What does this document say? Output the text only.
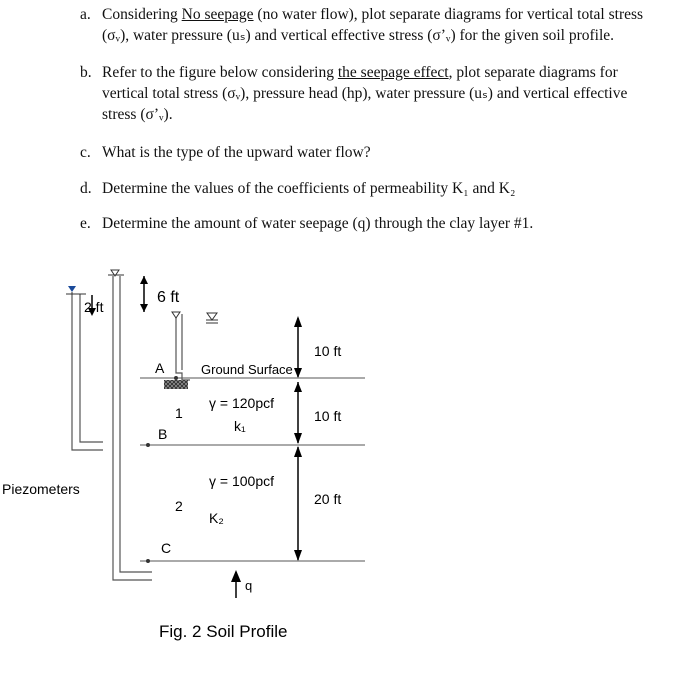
a. Considering No seepage (no water flow), plot separate diagrams for vertical total stress
(σᵥ), water pressure (uₛ) and vertical effective stress (σ’ᵥ) for the given soil profile.
b. Refer to the figure below considering the seepage effect, plot separate diagrams for
vertical total stress (σᵥ), pressure head (hp), water pressure (uₛ) and vertical effective
stress (σ’ᵥ).
c. What is the type of the upward water flow?
d. Determine the values of the coefficients of permeability K₁ and K₂
e. Determine the amount of water seepage (q) through the clay layer #1.
2 ft
6 ft
10 ft
10 ft
20 ft
Ground Surface
A
B
C
1
2
γ = 120pcf
k₁
γ = 100pcf
K₂
Piezometers
q
Fig. 2 Soil Profile
